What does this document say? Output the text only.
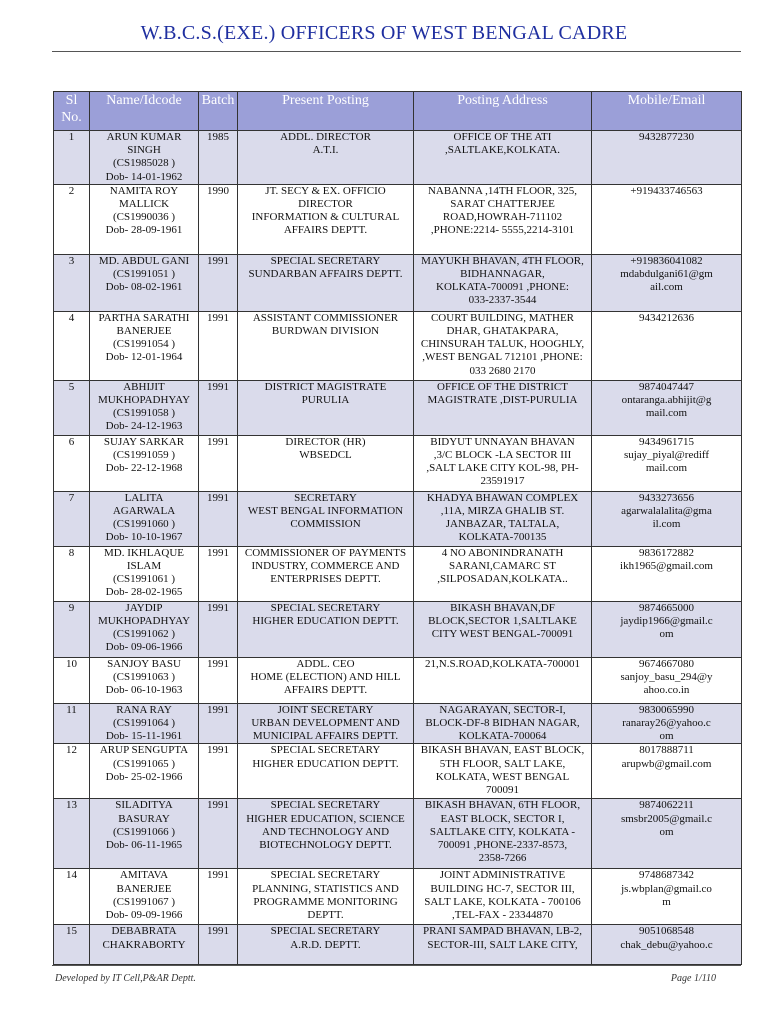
W.B.C.S.(EXE.) OFFICERS OF WEST BENGAL CADRE
Sl
No.	Name/Idcode	Batch	Present Posting	Posting Address	Mobile/Email
1	ARUN KUMAR
SINGH
(CS1985028 )
Dob- 14-01-1962	1985	ADDL. DIRECTOR
A.T.I.	OFFICE OF THE ATI
,SALTLAKE,KOLKATA.	9432877230
2	NAMITA ROY
MALLICK
(CS1990036 )
Dob- 28-09-1961	1990	JT. SECY & EX. OFFICIO
DIRECTOR
INFORMATION & CULTURAL
AFFAIRS DEPTT.	NABANNA ,14TH FLOOR, 325,
SARAT CHATTERJEE
ROAD,HOWRAH-711102
,PHONE:2214- 5555,2214-3101	+919433746563
3	MD. ABDUL GANI
(CS1991051 )
Dob- 08-02-1961	1991	SPECIAL SECRETARY
SUNDARBAN AFFAIRS DEPTT.	MAYUKH BHAVAN, 4TH FLOOR,
BIDHANNAGAR,
KOLKATA-700091 ,PHONE:
033-2337-3544	+919836041082
mdabdulgani61@gm
ail.com
4	PARTHA SARATHI
BANERJEE
(CS1991054 )
Dob- 12-01-1964	1991	ASSISTANT COMMISSIONER
BURDWAN DIVISION	COURT BUILDING, MATHER
DHAR, GHATAKPARA,
CHINSURAH TALUK, HOOGHLY,
,WEST BENGAL 712101 ,PHONE:
033 2680 2170	9434212636
5	ABHIJIT
MUKHOPADHYAY
(CS1991058 )
Dob- 24-12-1963	1991	DISTRICT MAGISTRATE
PURULIA	OFFICE OF THE DISTRICT
MAGISTRATE ,DIST-PURULIA	9874047447
ontaranga.abhijit@g
mail.com
6	SUJAY SARKAR
(CS1991059 )
Dob- 22-12-1968	1991	DIRECTOR (HR)
WBSEDCL	BIDYUT UNNAYAN BHAVAN
,3/C BLOCK -LA SECTOR III
,SALT LAKE CITY KOL-98, PH-
23591917	9434961715
sujay_piyal@rediff
mail.com
7	LALITA
AGARWALA
(CS1991060 )
Dob- 10-10-1967	1991	SECRETARY
WEST BENGAL INFORMATION
COMMISSION	KHADYA BHAWAN COMPLEX
,11A, MIRZA GHALIB ST.
JANBAZAR, TALTALA,
KOLKATA-700135	9433273656
agarwalalalita@gma
il.com
8	MD. IKHLAQUE
ISLAM
(CS1991061 )
Dob- 28-02-1965	1991	COMMISSIONER OF PAYMENTS
INDUSTRY, COMMERCE AND
ENTERPRISES DEPTT.	4 NO ABONINDRANATH
SARANI,CAMARC ST
,SILPOSADAN,KOLKATA..	9836172882
ikh1965@gmail.com
9	JAYDIP
MUKHOPADHYAY
(CS1991062 )
Dob- 09-06-1966	1991	SPECIAL SECRETARY
HIGHER EDUCATION DEPTT.	BIKASH BHAVAN,DF
BLOCK,SECTOR 1,SALTLAKE
CITY WEST BENGAL-700091	9874665000
jaydip1966@gmail.c
om
10	SANJOY BASU
(CS1991063 )
Dob- 06-10-1963	1991	ADDL. CEO
HOME (ELECTION) AND HILL
AFFAIRS DEPTT.	21,N.S.ROAD,KOLKATA-700001	9674667080
sanjoy_basu_294@y
ahoo.co.in
11	RANA RAY
(CS1991064 )
Dob- 15-11-1961	1991	JOINT SECRETARY
URBAN DEVELOPMENT AND
MUNICIPAL AFFAIRS DEPTT.	NAGARAYAN, SECTOR-I,
BLOCK-DF-8 BIDHAN NAGAR,
KOLKATA-700064	9830065990
ranaray26@yahoo.c
om
12	ARUP SENGUPTA
(CS1991065 )
Dob- 25-02-1966	1991	SPECIAL SECRETARY
HIGHER EDUCATION DEPTT.	BIKASH BHAVAN, EAST BLOCK,
5TH FLOOR, SALT LAKE,
KOLKATA, WEST BENGAL
700091	8017888711
arupwb@gmail.com
13	SILADITYA
BASURAY
(CS1991066 )
Dob- 06-11-1965	1991	SPECIAL SECRETARY
HIGHER EDUCATION, SCIENCE
AND TECHNOLOGY AND
BIOTECHNOLOGY DEPTT.	BIKASH BHAVAN, 6TH FLOOR,
EAST BLOCK, SECTOR I,
SALTLAKE CITY, KOLKATA -
700091 ,PHONE-2337-8573,
2358-7266	9874062211
smsbr2005@gmail.c
om
14	AMITAVA
BANERJEE
(CS1991067 )
Dob- 09-09-1966	1991	SPECIAL SECRETARY
PLANNING, STATISTICS AND
PROGRAMME MONITORING
DEPTT.	JOINT ADMINISTRATIVE
BUILDING HC-7, SECTOR III,
SALT LAKE, KOLKATA - 700106
,TEL-FAX - 23344870	9748687342
js.wbplan@gmail.co
m
15	DEBABRATA
CHAKRABORTY	1991	SPECIAL SECRETARY
A.R.D. DEPTT.	PRANI SAMPAD BHAVAN, LB-2,
SECTOR-III, SALT LAKE CITY,	9051068548
chak_debu@yahoo.c
Developed by IT Cell,P&AR Deptt.	Page 1/110
